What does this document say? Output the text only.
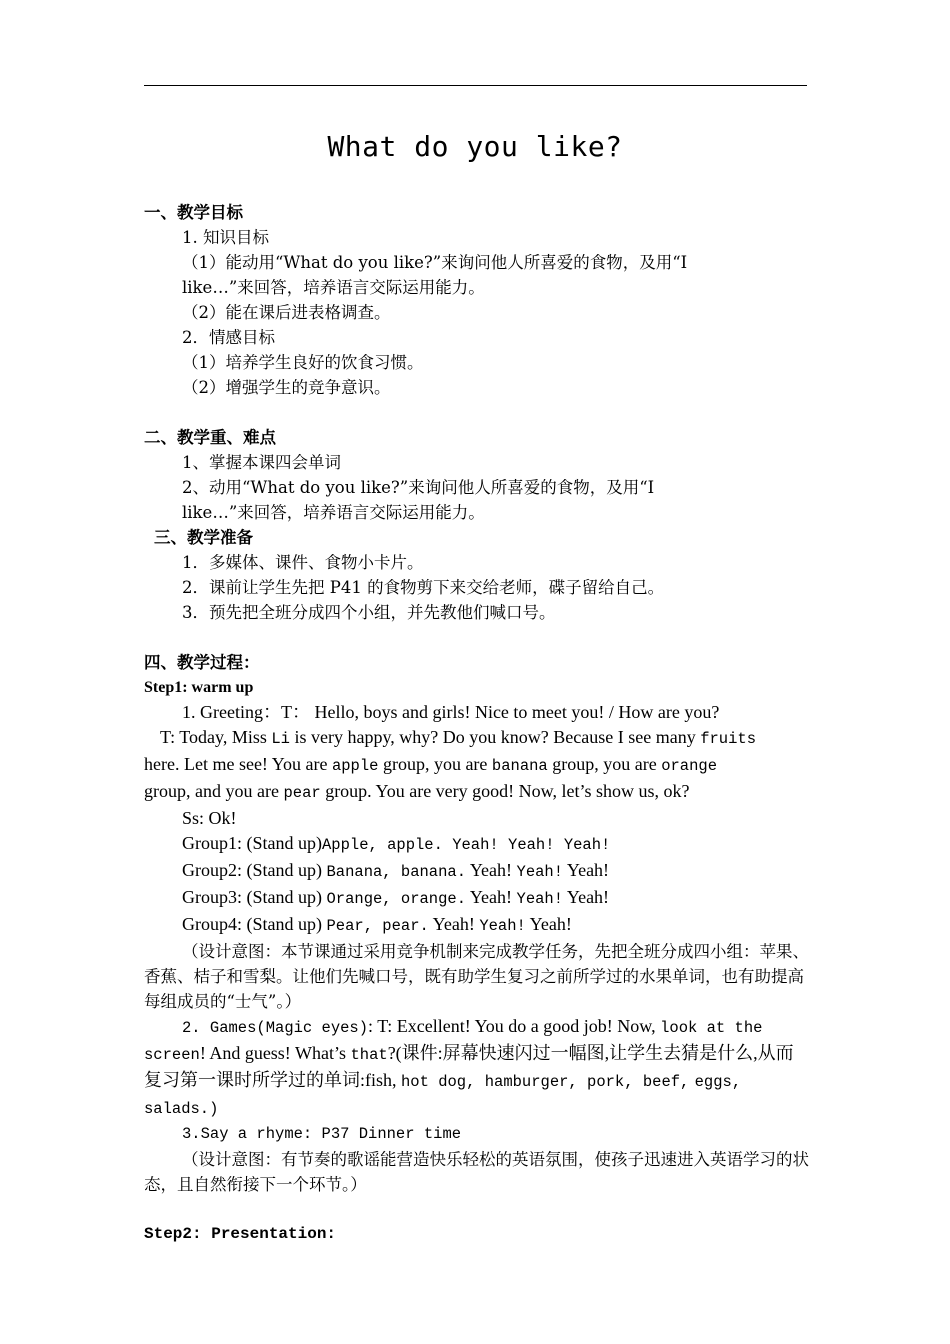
What do you like?
一、教学目标
1. 知识目标
（1）能动用“What do you like?”来询问他人所喜爱的食物，及用“I
like…”来回答，培养语言交际运用能力。
（2）能在课后进表格调查。
2．情感目标
（1）培养学生良好的饮食习惯。
（2）增强学生的竞争意识。
二、教学重、难点
1、掌握本课四会单词
2、动用“What do you like?”来询问他人所喜爱的食物，及用“I
like…”来回答，培养语言交际运用能力。
三、教学准备
1．多媒体、课件、食物小卡片。
2．课前让学生先把 P41 的食物剪下来交给老师，碟子留给自己。
3．预先把全班分成四个小组，并先教他们喊口号。
四、教学过程：
Step1: warm up
1. Greeting：T： Hello, boys and girls! Nice to meet you! / How are you?
T: Today, Miss Li is very happy, why? Do you know? Because I see many fruits
here. Let me see! You are apple group, you are banana group, you are orange
group, and you are pear group. You are very good! Now, let’s show us, ok?
Ss: Ok!
Group1: (Stand up)Apple, apple. Yeah! Yeah! Yeah!
Group2: (Stand up) Banana, banana. Yeah! Yeah! Yeah!
Group3: (Stand up) Orange, orange. Yeah! Yeah! Yeah!
Group4: (Stand up) Pear, pear. Yeah! Yeah! Yeah!
（设计意图：本节课通过采用竞争机制来完成教学任务，先把全班分成四小组：苹果、香蕉、桔子和雪梨。让他们先喊口号，既有助学生复习之前所学过的水果单词，也有助提高每组成员的“士气”。）
2. Games(Magic eyes): T: Excellent! You do a good job! Now, look at the screen! And guess! What’s that?(课件:屏幕快速闪过一幅图,让学生去猜是什么,从而复习第一课时所学过的单词:fish, hot dog, hamburger, pork, beef, eggs, salads.)
3.Say a rhyme: P37 Dinner time
（设计意图：有节奏的歌谣能营造快乐轻松的英语氛围，使孩子迅速进入英语学习的状态，且自然衔接下一个环节。）
Step2: Presentation:
